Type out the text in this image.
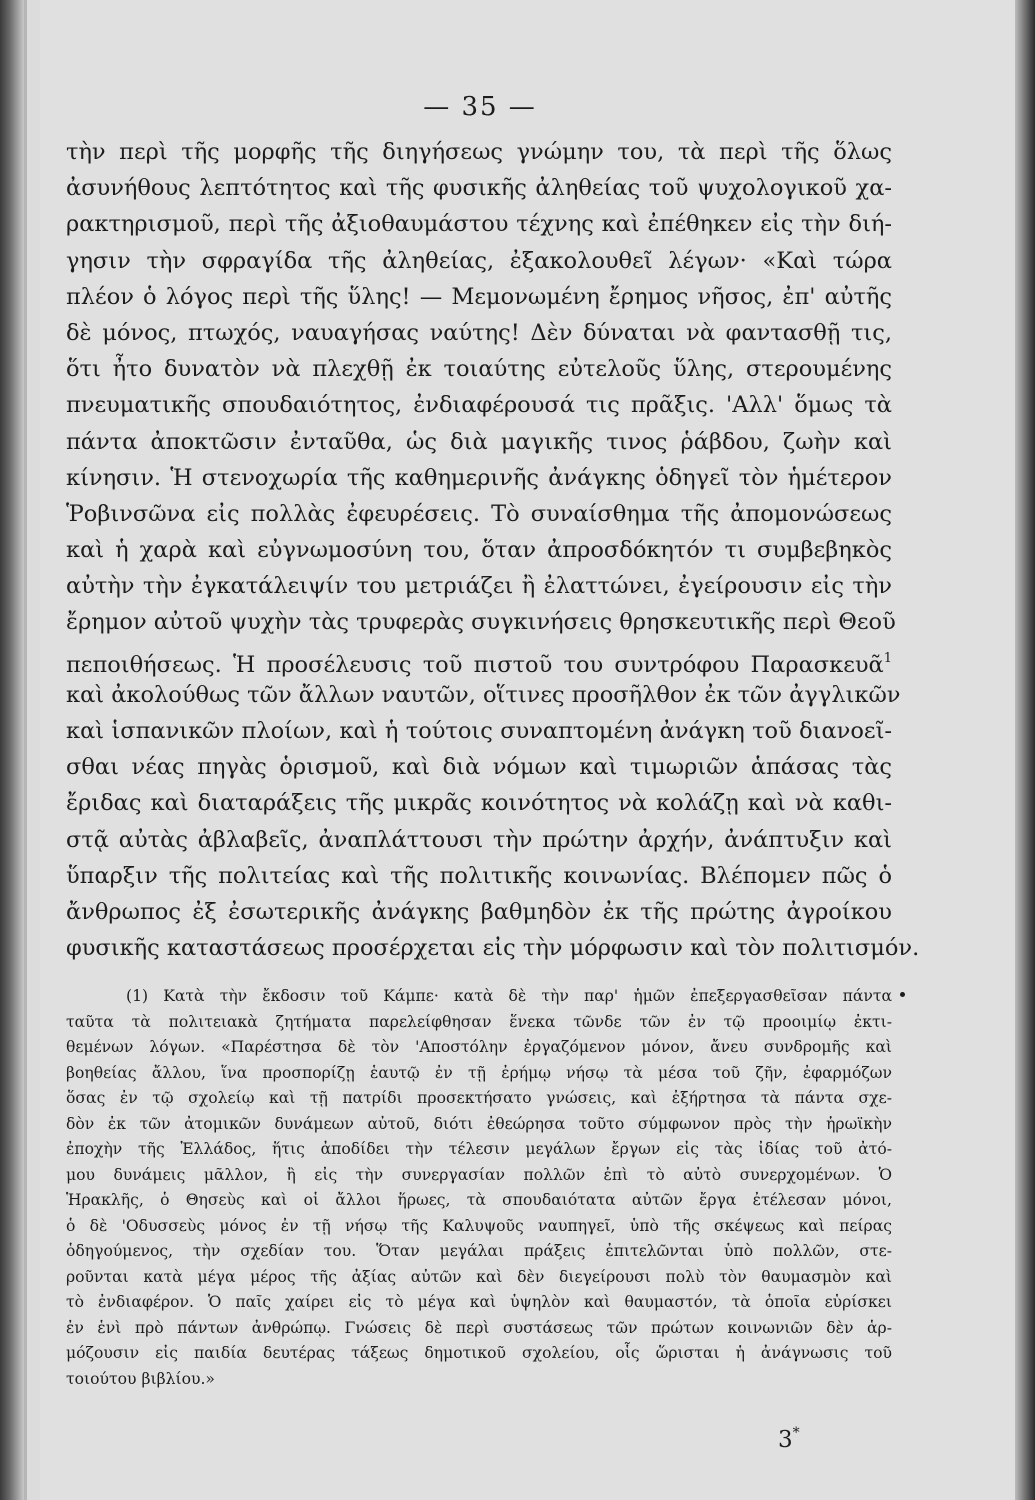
— 35 —
τὴν περὶ τῆς μορφῆς τῆς διηγήσεως γνώμην του, τὰ περὶ τῆς ὅλως
ἀσυνήθους λεπτότητος καὶ τῆς φυσικῆς ἀληθείας τοῦ ψυχολογικοῦ χα-
ρακτηρισμοῦ, περὶ τῆς ἀξιοθαυμάστου τέχνης καὶ ἐπέθηκεν εἰς τὴν διή-
γησιν τὴν σφραγίδα τῆς ἀληθείας, ἐξακολουθεῖ λέγων· «Καὶ τώρα
πλέον ὁ λόγος περὶ τῆς ὕλης! — Μεμονωμένη ἔρημος νῆσος, ἐπ' αὐτῆς
δὲ μόνος, πτωχός, ναυαγήσας ναύτης! Δὲν δύναται νὰ φαντασθῇ τις,
ὅτι ἦτο δυνατὸν νὰ πλεχθῇ ἐκ τοιαύτης εὐτελοῦς ὕλης, στερουμένης
πνευματικῆς σπουδαιότητος, ἐνδιαφέρουσά τις πρᾶξις. 'Αλλ' ὅμως τὰ
πάντα ἀποκτῶσιν ἐνταῦθα, ὡς διὰ μαγικῆς τινος ῥάβδου, ζωὴν καὶ
κίνησιν. Ἡ στενοχωρία τῆς καθημερινῆς ἀνάγκης ὁδηγεῖ τὸν ἡμέτερον
Ῥοβινσῶνα εἰς πολλὰς ἐφευρέσεις. Τὸ συναίσθημα τῆς ἀπομονώσεως
καὶ ἡ χαρὰ καὶ εὐγνωμοσύνη του, ὅταν ἀπροσδόκητόν τι συμβεβηκὸς
αὐτὴν τὴν ἐγκατάλειψίν του μετριάζει ἢ ἐλαττώνει, ἐγείρουσιν εἰς τὴν
ἔρημον αὐτοῦ ψυχὴν τὰς τρυφερὰς συγκινήσεις θρησκευτικῆς περὶ Θεοῦ
πεποιθήσεως. Ἡ προσέλευσις τοῦ πιστοῦ του συντρόφου Παρασκευᾶ$^1$
καὶ ἀκολούθως τῶν ἄλλων ναυτῶν, οἵτινες προσῆλθον ἐκ τῶν ἀγγλικῶν
καὶ ἱσπανικῶν πλοίων, καὶ ἡ τούτοις συναπτομένη ἀνάγκη τοῦ διανοεῖ-
σθαι νέας πηγὰς ὁρισμοῦ, καὶ διὰ νόμων καὶ τιμωριῶν ἁπάσας τὰς
ἔριδας καὶ διαταράξεις τῆς μικρᾶς κοινότητος νὰ κολάζῃ καὶ νὰ καθι-
στᾷ αὐτὰς ἀβλαβεῖς, ἀναπλάττουσι τὴν πρώτην ἀρχήν, ἀνάπτυξιν καὶ
ὕπαρξιν τῆς πολιτείας καὶ τῆς πολιτικῆς κοινωνίας. Βλέπομεν πῶς ὁ
ἄνθρωπος ἐξ ἐσωτερικῆς ἀνάγκης βαθμηδὸν ἐκ τῆς πρώτης ἀγροίκου
φυσικῆς καταστάσεως προσέρχεται εἰς τὴν μόρφωσιν καὶ τὸν πολιτισμόν.
(1) Κατὰ τὴν ἔκδοσιν τοῦ Κάμπε· κατὰ δὲ τὴν παρ' ἡμῶν ἐπεξεργασθεῖσαν πάντα
ταῦτα τὰ πολιτειακὰ ζητήματα παρελείφθησαν ἕνεκα τῶνδε τῶν ἐν τῷ προοιμίῳ ἐκτι-
θεμένων λόγων. «Παρέστησα δὲ τὸν 'Αποστόλην ἐργαζόμενον μόνον, ἄνευ συνδρομῆς καὶ
βοηθείας ἄλλου, ἵνα προσπορίζῃ ἑαυτῷ ἐν τῇ ἐρήμῳ νήσῳ τὰ μέσα τοῦ ζῆν, ἐφαρμόζων
ὅσας ἐν τῷ σχολείῳ καὶ τῇ πατρίδι προσεκτήσατο γνώσεις, καὶ ἐξήρτησα τὰ πάντα σχε-
δὸν ἐκ τῶν ἀτομικῶν δυνάμεων αὐτοῦ, διότι ἐθεώρησα τοῦτο σύμφωνον πρὸς τὴν ἡρωϊκὴν
ἐποχὴν τῆς Ἑλλάδος, ἥτις ἀποδίδει τὴν τέλεσιν μεγάλων ἔργων εἰς τὰς ἰδίας τοῦ ἀτό-
μου δυνάμεις μᾶλλον, ἢ εἰς τὴν συνεργασίαν πολλῶν ἐπὶ τὸ αὐτὸ συνερχομένων. Ὁ
Ἡρακλῆς, ὁ Θησεὺς καὶ οἱ ἄλλοι ἥρωες, τὰ σπουδαιότατα αὐτῶν ἔργα ἐτέλεσαν μόνοι,
ὁ δὲ 'Οδυσσεὺς μόνος ἐν τῇ νήσῳ τῆς Καλυψοῦς ναυπηγεῖ, ὑπὸ τῆς σκέψεως καὶ πείρας
ὁδηγούμενος, τὴν σχεδίαν του. Ὅταν μεγάλαι πράξεις ἐπιτελῶνται ὑπὸ πολλῶν, στε-
ροῦνται κατὰ μέγα μέρος τῆς ἀξίας αὐτῶν καὶ δὲν διεγείρουσι πολὺ τὸν θαυμασμὸν καὶ
τὸ ἐνδιαφέρον. Ὁ παῖς χαίρει εἰς τὸ μέγα καὶ ὑψηλὸν καὶ θαυμαστόν, τὰ ὁποῖα εὑρίσκει
ἐν ἑνὶ πρὸ πάντων ἀνθρώπῳ. Γνώσεις δὲ περὶ συστάσεως τῶν πρώτων κοινωνιῶν δὲν ἁρ-
μόζουσιν εἰς παιδία δευτέρας τάξεως δημοτικοῦ σχολείου, οἷς ὥρισται ἡ ἀνάγνωσις τοῦ
τοιούτου βιβλίου.»
3*
